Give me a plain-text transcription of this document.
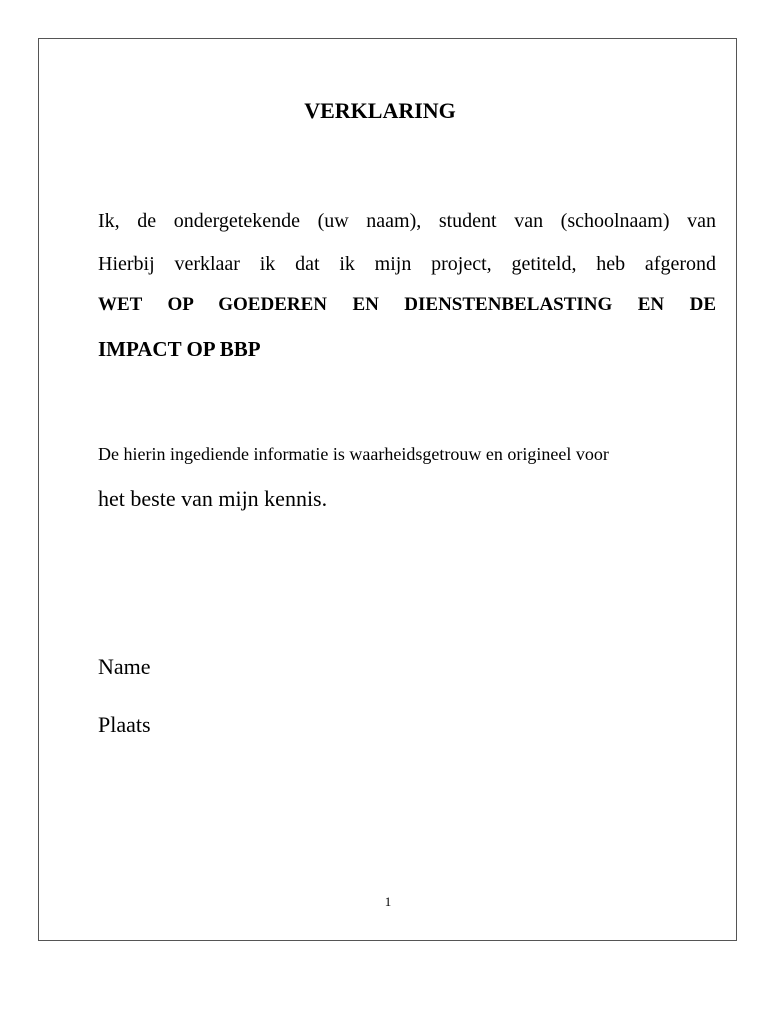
VERKLARING
Ik, de ondergetekende (uw naam), student van (schoolnaam) van
Hierbij verklaar ik dat ik mijn project, getiteld, heb afgerond
WET OP GOEDEREN EN DIENSTENBELASTING EN DE
IMPACT OP BBP
De hierin ingediende informatie is waarheidsgetrouw en origineel voor
het beste van mijn kennis.
Name
Plaats
1
